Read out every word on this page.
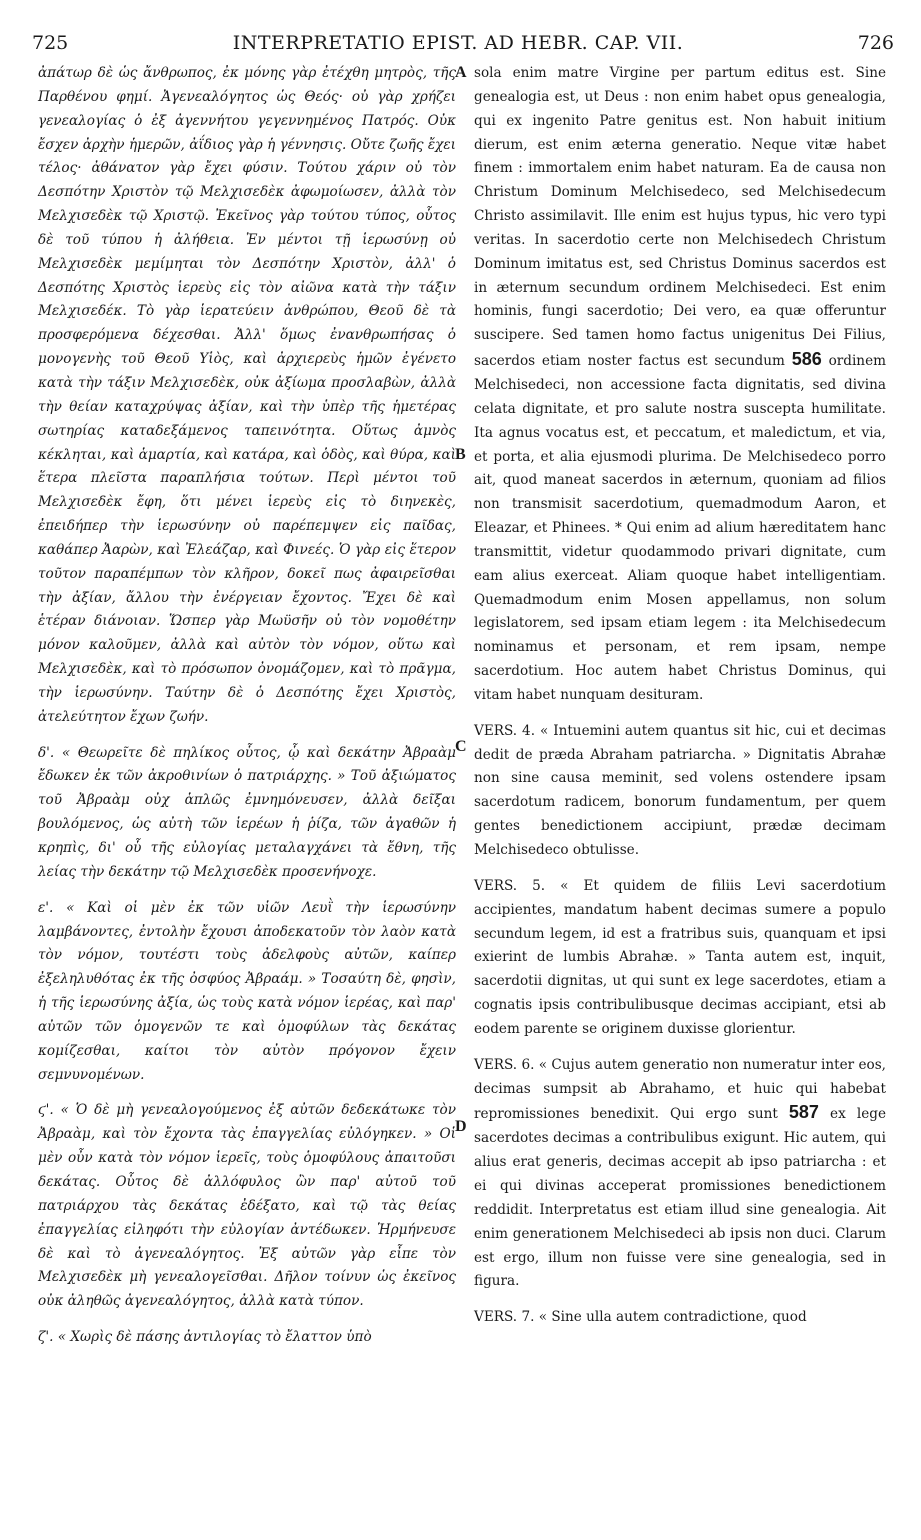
725	INTERPRETATIO EPIST. AD HEBR. CAP. VII.	726
A
B
C
D

ἀπάτωρ δὲ ὡς ἄνθρωπος, ἐκ μόνης γὰρ ἐτέχθη μητρὸς, τῆς Παρθένου φημί. Ἀγενεαλόγητος ὡς Θεός· οὐ γὰρ χρήζει γενεαλογίας ὁ ἐξ ἀγεννήτου γεγεννημένος Πατρός. Οὐκ ἔσχεν ἀρχὴν ἡμερῶν, ἀΐδιος γὰρ ἡ γέννησις. Οὔτε ζωῆς ἔχει τέλος· ἀθάνατον γὰρ ἔχει φύσιν. Τούτου χάριν οὐ τὸν Δεσπότην Χριστὸν τῷ Μελχισεδὲκ ἀφωμοίωσεν, ἀλλὰ τὸν Μελχισεδὲκ τῷ Χριστῷ. Ἐκεῖνος γὰρ τούτου τύπος, οὗτος δὲ τοῦ τύπου ἡ ἀλήθεια. Ἐν μέντοι τῇ ἱερωσύνῃ οὐ Μελχισεδὲκ μεμίμηται τὸν Δεσπότην Χριστὸν, ἀλλ' ὁ Δεσπότης Χριστὸς ἱερεὺς εἰς τὸν αἰῶνα κατὰ τὴν τάξιν Μελχισεδέκ. Τὸ γὰρ ἱερατεύειν ἀνθρώπου, Θεοῦ δὲ τὰ προσφερόμενα δέχεσθαι. Ἀλλ' ὅμως ἐνανθρωπήσας ὁ μονογενὴς τοῦ Θεοῦ Υἱὸς, καὶ ἀρχιερεὺς ἡμῶν ἐγένετο κατὰ τὴν τάξιν Μελχισεδὲκ, οὐκ ἀξίωμα προσλαβὼν, ἀλλὰ τὴν θείαν καταχρύψας ἀξίαν, καὶ τὴν ὑπὲρ τῆς ἡμετέρας σωτηρίας καταδεξάμενος ταπεινότητα. Οὕτως ἀμνὸς κέκληται, καὶ ἁμαρτία, καὶ κατάρα, καὶ ὁδὸς, καὶ θύρα, καὶ ἕτερα πλεῖστα παραπλήσια τούτων. Περὶ μέντοι τοῦ Μελχισεδὲκ ἔφη, ὅτι μένει ἱερεὺς εἰς τὸ διηνεκὲς, ἐπειδήπερ τὴν ἱερωσύνην οὐ παρέπεμψεν εἰς παῖδας, καθάπερ Ἀαρὼν, καὶ Ἐλεάζαρ, καὶ Φινεές. Ὁ γὰρ εἰς ἕτερον τοῦτον παραπέμπων τὸν κλῆρον, δοκεῖ πως ἀφαιρεῖσθαι τὴν ἀξίαν, ἄλλου τὴν ἐνέργειαν ἔχοντος. Ἔχει δὲ καὶ ἑτέραν διάνοιαν. Ὥσπερ γὰρ Μωϋσῆν οὐ τὸν νομοθέτην μόνον καλοῦμεν, ἀλλὰ καὶ αὐτὸν τὸν νόμον, οὕτω καὶ Μελχισεδὲκ, καὶ τὸ πρόσωπον ὀνομάζομεν, καὶ τὸ πρᾶγμα, τὴν ἱερωσύνην. Ταύτην δὲ ὁ Δεσπότης ἔχει Χριστὸς, ἀτελεύτητον ἔχων ζωήν.

δ'. « Θεωρεῖτε δὲ πηλίκος οὗτος, ᾧ καὶ δεκάτην Ἀβραὰμ ἔδωκεν ἐκ τῶν ἀκροθινίων ὁ πατριάρχης. » Τοῦ ἀξιώματος τοῦ Ἀβραὰμ οὐχ ἁπλῶς ἐμνημόνευσεν, ἀλλὰ δεῖξαι βουλόμενος, ὡς αὐτὴ τῶν ἱερέων ἡ ῥίζα, τῶν ἀγαθῶν ἡ κρηπὶς, δι' οὗ τῆς εὐλογίας μεταλαγχάνει τὰ ἔθνη, τῆς λείας τὴν δεκάτην τῷ Μελχισεδὲκ προσενήνοχε.

ε'. « Καὶ οἱ μὲν ἐκ τῶν υἱῶν Λευῒ τὴν ἱερωσύνην λαμβάνοντες, ἐντολὴν ἔχουσι ἀποδεκατοῦν τὸν λαὸν κατὰ τὸν νόμον, τουτέστι τοὺς ἀδελφοὺς αὐτῶν, καίπερ ἐξεληλυθότας ἐκ τῆς ὀσφύος Ἀβραάμ. » Τοσαύτη δὲ, φησὶν, ἡ τῆς ἱερωσύνης ἀξία, ὡς τοὺς κατὰ νόμον ἱερέας, καὶ παρ' αὐτῶν τῶν ὁμογενῶν τε καὶ ὁμοφύλων τὰς δεκάτας κομίζεσθαι, καίτοι τὸν αὐτὸν πρόγονον ἔχειν σεμνυνομένων.

ϛ'. « Ὁ δὲ μὴ γενεαλογούμενος ἐξ αὐτῶν δεδεκάτωκε τὸν Ἀβραὰμ, καὶ τὸν ἔχοντα τὰς ἐπαγγελίας εὐλόγηκεν. » Οἱ μὲν οὖν κατὰ τὸν νόμον ἱερεῖς, τοὺς ὁμοφύλους ἀπαιτοῦσι δεκάτας. Οὗτος δὲ ἀλλόφυλος ὢν παρ' αὐτοῦ τοῦ πατριάρχου τὰς δεκάτας ἐδέξατο, καὶ τῷ τὰς θείας ἐπαγγελίας εἰληφότι τὴν εὐλογίαν ἀντέδωκεν. Ἡρμήνευσε δὲ καὶ τὸ ἀγενεαλόγητος. Ἐξ αὐτῶν γὰρ εἶπε τὸν Μελχισεδὲκ μὴ γενεαλογεῖσθαι. Δῆλον τοίνυν ὡς ἐκεῖνος οὐκ ἀληθῶς ἀγενεαλόγητος, ἀλλὰ κατὰ τύπον.

ζ'. « Χωρὶς δὲ πάσης ἀντιλογίας τὸ ἔλαττον ὑπὸ

sola enim matre Virgine per partum editus est. Sine genealogia est, ut Deus : non enim habet opus genealogia, qui ex ingenito Patre genitus est. Non habuit initium dierum, est enim æterna generatio. Neque vitæ habet finem : immortalem enim habet naturam. Ea de causa non Christum Dominum Melchisedeco, sed Melchisedecum Christo assimilavit. Ille enim est hujus typus, hic vero typi veritas. In sacerdotio certe non Melchisedech Christum Dominum imitatus est, sed Christus Dominus sacerdos est in æternum secundum ordinem Melchisedeci. Est enim hominis, fungi sacerdotio; Dei vero, ea quæ offeruntur suscipere. Sed tamen homo factus unigenitus Dei Filius, sacerdos etiam noster factus est secundum 586 ordinem Melchisedeci, non accessione facta dignitatis, sed divina celata dignitate, et pro salute nostra suscepta humilitate. Ita agnus vocatus est, et peccatum, et maledictum, et via, et porta, et alia ejusmodi plurima. De Melchisedeco porro ait, quod maneat sacerdos in æternum, quoniam ad filios non transmisit sacerdotium, quemadmodum Aaron, et Eleazar, et Phinees. * Qui enim ad alium hæreditatem hanc transmittit, videtur quodammodo privari dignitate, cum eam alius exerceat. Aliam quoque habet intelligentiam. Quemadmodum enim Mosen appellamus, non solum legislatorem, sed ipsam etiam legem : ita Melchisedecum nominamus et personam, et rem ipsam, nempe sacerdotium. Hoc autem habet Christus Dominus, qui vitam habet nunquam desituram.

VERS. 4. « Intuemini autem quantus sit hic, cui et decimas dedit de præda Abraham patriarcha. » Dignitatis Abrahæ non sine causa meminit, sed volens ostendere ipsam sacerdotum radicem, bonorum fundamentum, per quem gentes benedictionem accipiunt, prædæ decimam Melchisedeco obtulisse.

VERS. 5. « Et quidem de filiis Levi sacerdotium accipientes, mandatum habent decimas sumere a populo secundum legem, id est a fratribus suis, quanquam et ipsi exierint de lumbis Abrahæ. » Tanta autem est, inquit, sacerdotii dignitas, ut qui sunt ex lege sacerdotes, etiam a cognatis ipsis contribulibusque decimas accipiant, etsi ab eodem parente se originem duxisse glorientur.

VERS. 6. « Cujus autem generatio non numeratur inter eos, decimas sumpsit ab Abrahamo, et huic qui habebat repromissiones benedixit. Qui ergo sunt 587 ex lege sacerdotes decimas a contribulibus exigunt. Hic autem, qui alius erat generis, decimas accepit ab ipso patriarcha : et ei qui divinas acceperat promissiones benedictionem reddidit. Interpretatus est etiam illud sine genealogia. Ait enim generationem Melchisedeci ab ipsis non duci. Clarum est ergo, illum non fuisse vere sine genealogia, sed in figura.

VERS. 7. « Sine ulla autem contradictione, quod
